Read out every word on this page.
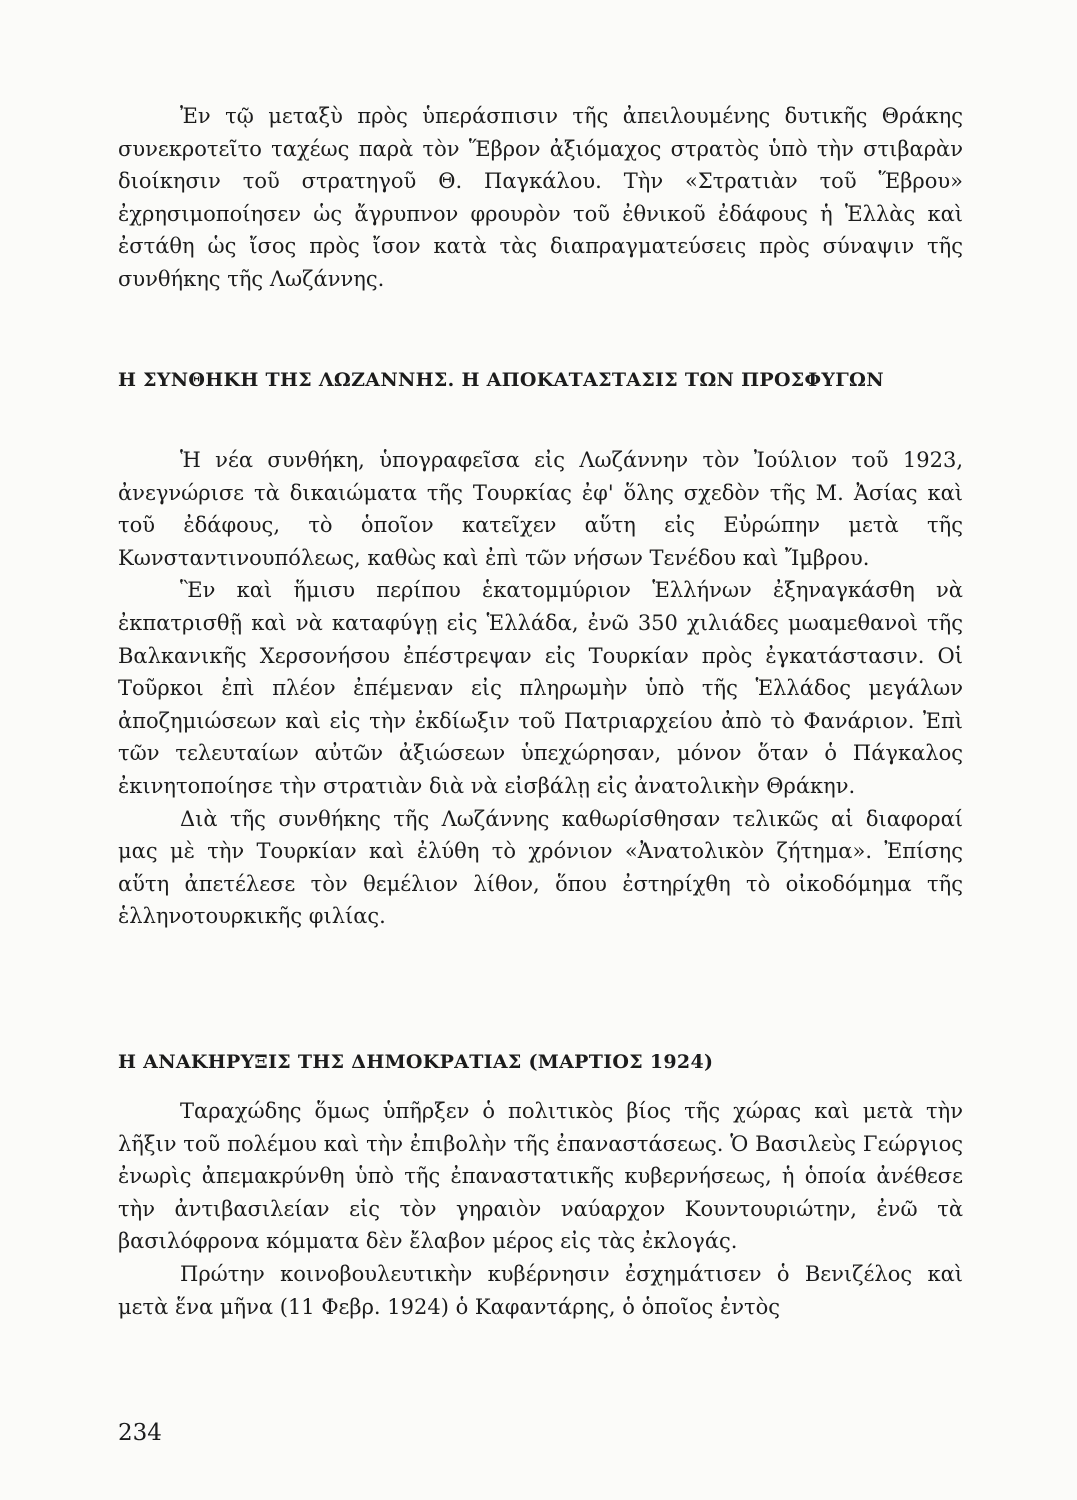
Ἐν τῷ μεταξὺ πρὸς ὑπεράσπισιν τῆς ἀπειλουμένης δυτικῆς Θράκης συνεκροτεῖτο ταχέως παρὰ τὸν Ἕβρον ἀξιόμαχος στρατὸς ὑπὸ τὴν στιβαρὰν διοίκησιν τοῦ στρατηγοῦ Θ. Παγκάλου. Τὴν «Στρατιὰν τοῦ Ἕβρου» ἐχρησιμοποίησεν ὡς ἄγρυπνον φρουρὸν τοῦ ἐθνικοῦ ἐδάφους ἡ Ἑλλὰς καὶ ἐστάθη ὡς ἴσος πρὸς ἴσον κατὰ τὰς διαπραγματεύσεις πρὸς σύναψιν τῆς συνθήκης τῆς Λωζάννης.

Η ΣΥΝΘΗΚΗ ΤΗΣ ΛΩΖΑΝΝΗΣ. Η ΑΠΟΚΑΤΑΣΤΑΣΙΣ ΤΩΝ ΠΡΟΣΦΥΓΩΝ

Ἡ νέα συνθήκη, ὑπογραφεῖσα εἰς Λωζάννην τὸν Ἰούλιον τοῦ 1923, ἀνεγνώρισε τὰ δικαιώματα τῆς Τουρκίας ἐφ' ὅλης σχεδὸν τῆς Μ. Ἀσίας καὶ τοῦ ἐδάφους, τὸ ὁποῖον κατεῖχεν αὕτη εἰς Εὐρώπην μετὰ τῆς Κωνσταντινουπόλεως, καθὼς καὶ ἐπὶ τῶν νήσων Τενέδου καὶ Ἴμβρου.

Ἓν καὶ ἥμισυ περίπου ἑκατομμύριον Ἑλλήνων ἐξηναγκάσθη νὰ ἐκπατρισθῇ καὶ νὰ καταφύγῃ εἰς Ἑλλάδα, ἐνῶ 350 χιλιάδες μωαμεθανοὶ τῆς Βαλκανικῆς Χερσονήσου ἐπέστρεψαν εἰς Τουρκίαν πρὸς ἐγκατάστασιν. Οἱ Τοῦρκοι ἐπὶ πλέον ἐπέμεναν εἰς πληρωμὴν ὑπὸ τῆς Ἑλλάδος μεγάλων ἀποζημιώσεων καὶ εἰς τὴν ἐκδίωξιν τοῦ Πατριαρχείου ἀπὸ τὸ Φανάριον. Ἐπὶ τῶν τελευταίων αὐτῶν ἀξιώσεων ὑπεχώρησαν, μόνον ὅταν ὁ Πάγκαλος ἐκινητοποίησε τὴν στρατιὰν διὰ νὰ εἰσβάλῃ εἰς ἀνατολικὴν Θράκην.

Διὰ τῆς συνθήκης τῆς Λωζάννης καθωρίσθησαν τελικῶς αἱ διαφοραί μας μὲ τὴν Τουρκίαν καὶ ἐλύθη τὸ χρόνιον «Ἀνατολικὸν ζήτημα». Ἐπίσης αὕτη ἀπετέλεσε τὸν θεμέλιον λίθον, ὅπου ἐστηρίχθη τὸ οἰκοδόμημα τῆς ἑλληνοτουρκικῆς φιλίας.

Η ΑΝΑΚΗΡΥΞΙΣ ΤΗΣ ΔΗΜΟΚΡΑΤΙΑΣ (ΜΑΡΤΙΟΣ 1924)

Ταραχώδης ὅμως ὑπῆρξεν ὁ πολιτικὸς βίος τῆς χώρας καὶ μετὰ τὴν λῆξιν τοῦ πολέμου καὶ τὴν ἐπιβολὴν τῆς ἐπαναστάσεως. Ὁ Βασιλεὺς Γεώργιος ἐνωρὶς ἀπεμακρύνθη ὑπὸ τῆς ἐπαναστατικῆς κυβερνήσεως, ἡ ὁποία ἀνέθεσε τὴν ἀντιβασιλείαν εἰς τὸν γηραιὸν ναύαρχον Κουντουριώτην, ἐνῶ τὰ βασιλόφρονα κόμματα δὲν ἔλαβον μέρος εἰς τὰς ἐκλογάς.

Πρώτην κοινοβουλευτικὴν κυβέρνησιν ἐσχημάτισεν ὁ Βενιζέλος καὶ μετὰ ἕνα μῆνα (11 Φεβρ. 1924) ὁ Καφαντάρης, ὁ ὁποῖος ἐντὸς

234
